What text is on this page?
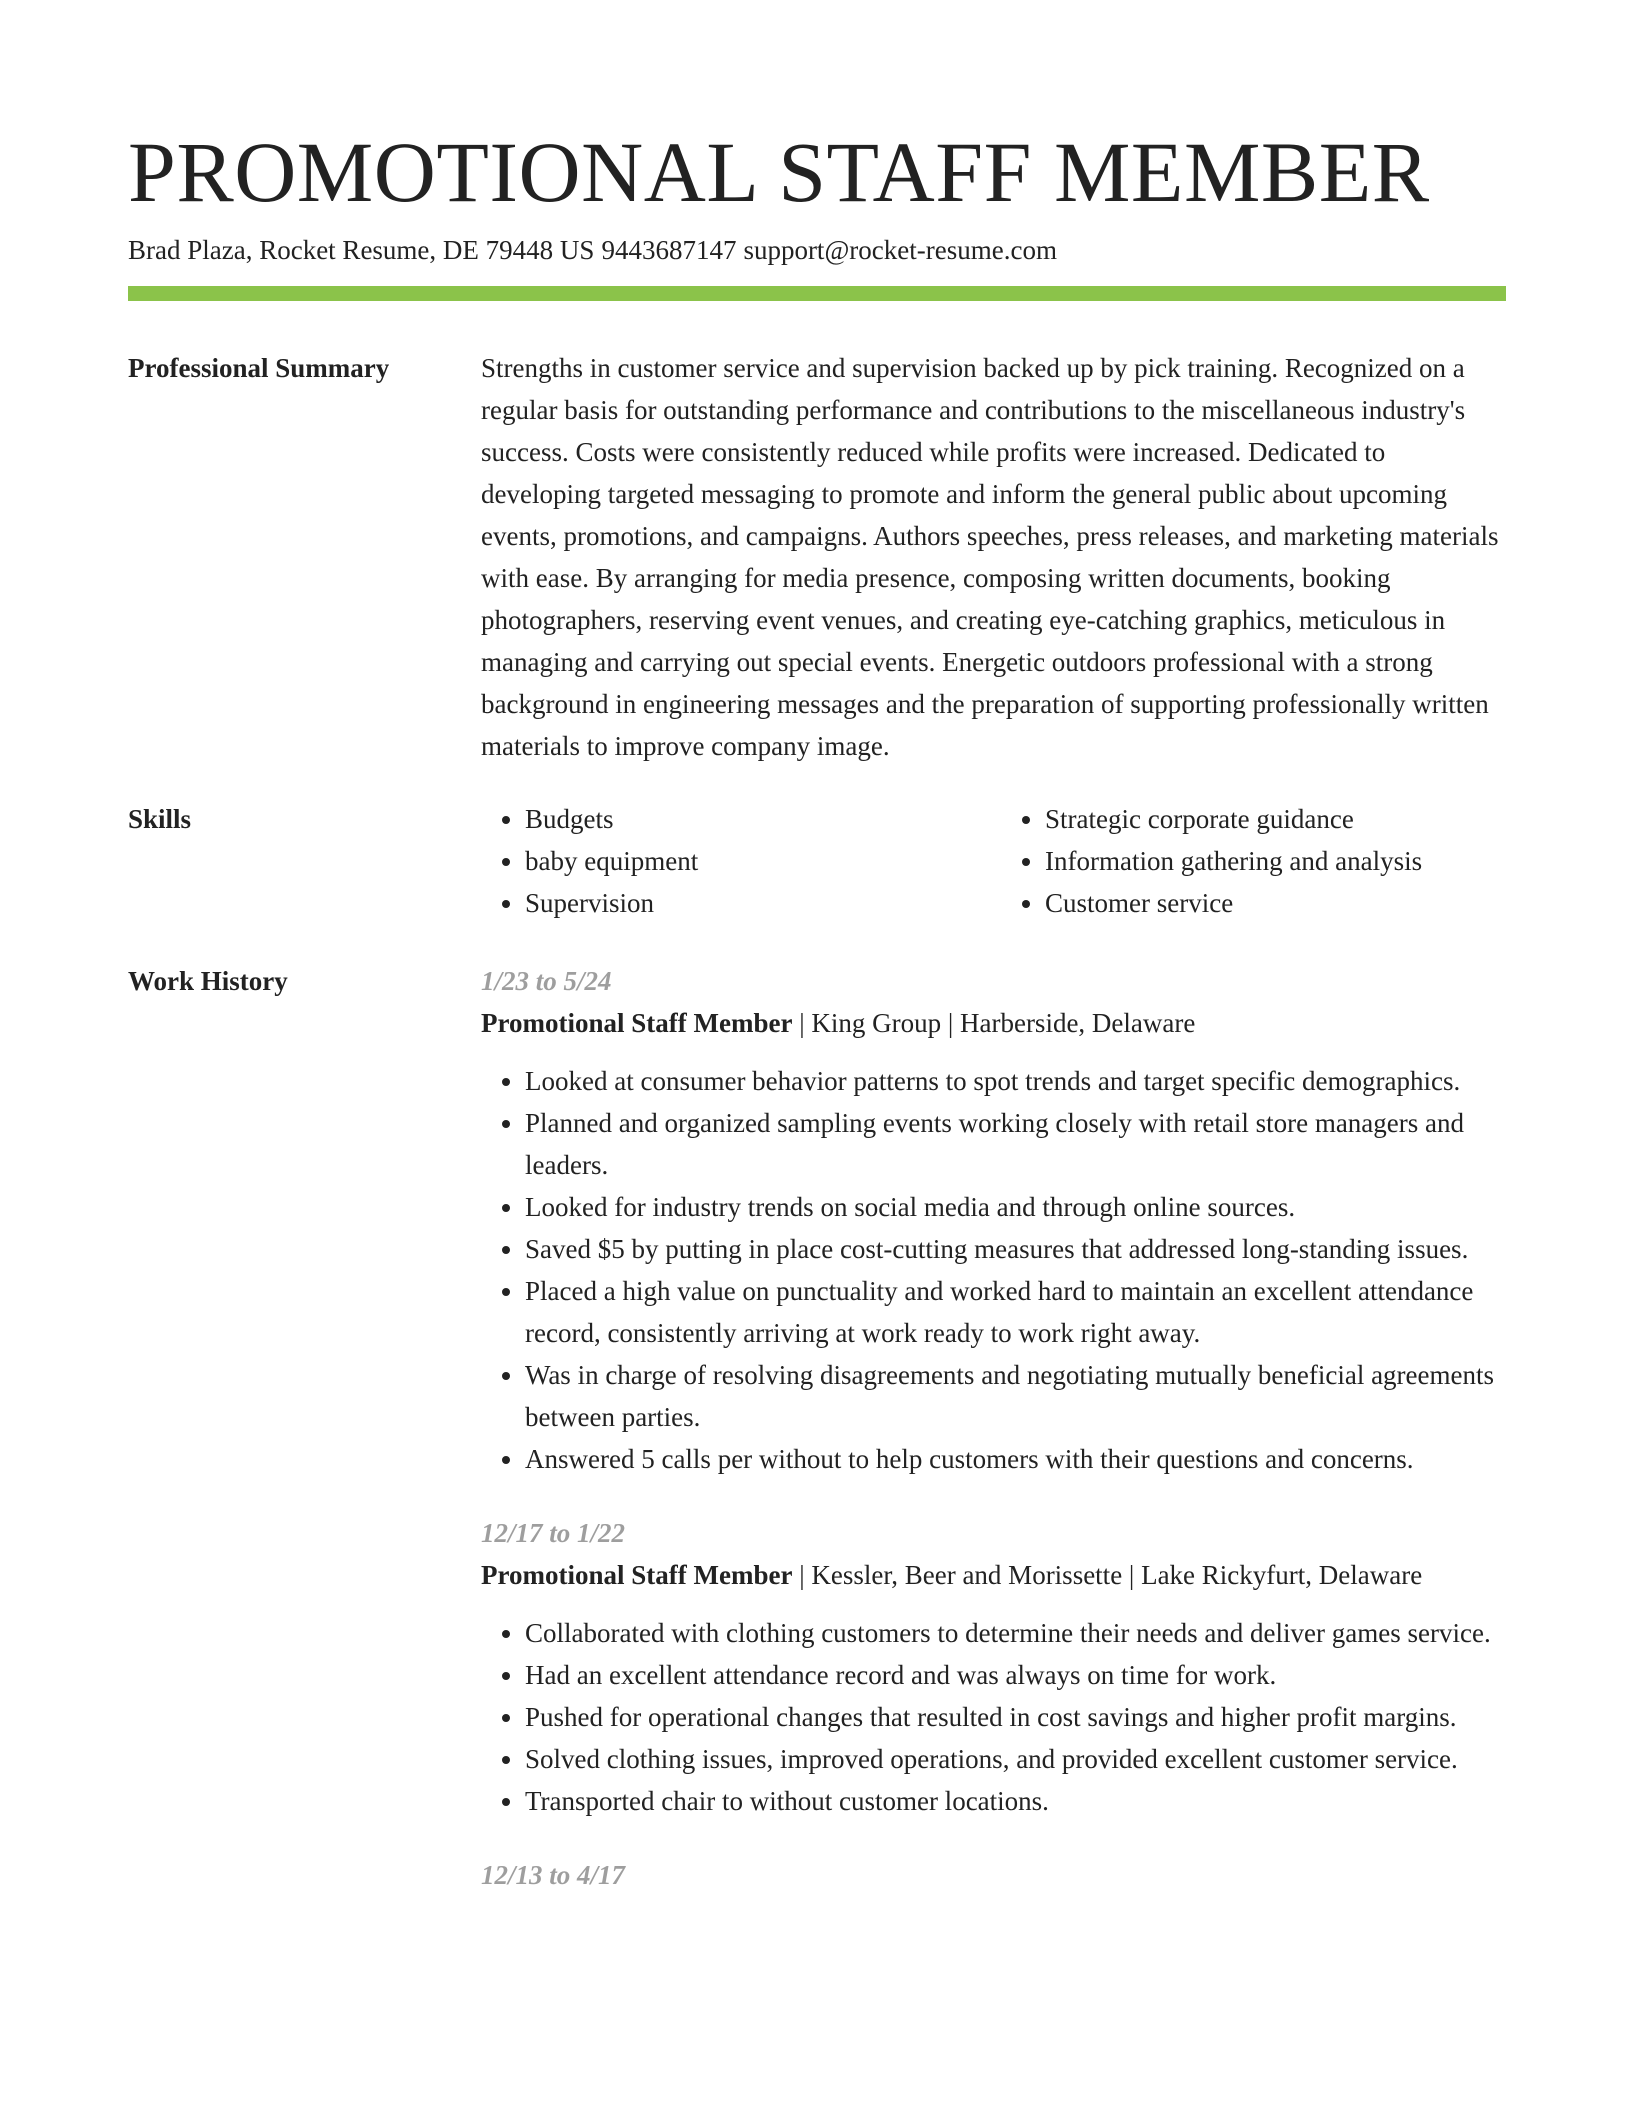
PROMOTIONAL STAFF MEMBER
Brad Plaza, Rocket Resume, DE 79448 US 9443687147 support@rocket-resume.com
Professional Summary	Strengths in customer service and supervision backed up by pick training. Recognized on a regular basis for outstanding performance and contributions to the miscellaneous industry's success. Costs were consistently reduced while profits were increased. Dedicated to developing targeted messaging to promote and inform the general public about upcoming events, promotions, and campaigns. Authors speeches, press releases, and marketing materials with ease. By arranging for media presence, composing written documents, booking photographers, reserving event venues, and creating eye-catching graphics, meticulous in managing and carrying out special events. Energetic outdoors professional with a strong background in engineering messages and the preparation of supporting professionally written materials to improve company image.

Skills
•	Budgets
• baby equipment
• Supervision
• Strategic corporate guidance
• Information gathering and analysis
• Customer service
Work History	1/23 to 5/24
Promotional Staff Member | King Group | Harberside, Delaware
• Looked at consumer behavior patterns to spot trends and target specific demographics.
• Planned and organized sampling events working closely with retail store managers and leaders.
• Looked for industry trends on social media and through online sources.
• Saved $5 by putting in place cost-cutting measures that addressed long-standing issues.
• Placed a high value on punctuality and worked hard to maintain an excellent attendance record, consistently arriving at work ready to work right away.
• Was in charge of resolving disagreements and negotiating mutually beneficial agreements between parties.
• Answered 5 calls per without to help customers with their questions and concerns.
12/17 to 1/22
Promotional Staff Member | Kessler, Beer and Morissette | Lake Rickyfurt, Delaware
• Collaborated with clothing customers to determine their needs and deliver games service.
• Had an excellent attendance record and was always on time for work.
• Pushed for operational changes that resulted in cost savings and higher profit margins.
• Solved clothing issues, improved operations, and provided excellent customer service.
• Transported chair to without customer locations.
12/13 to 4/17
